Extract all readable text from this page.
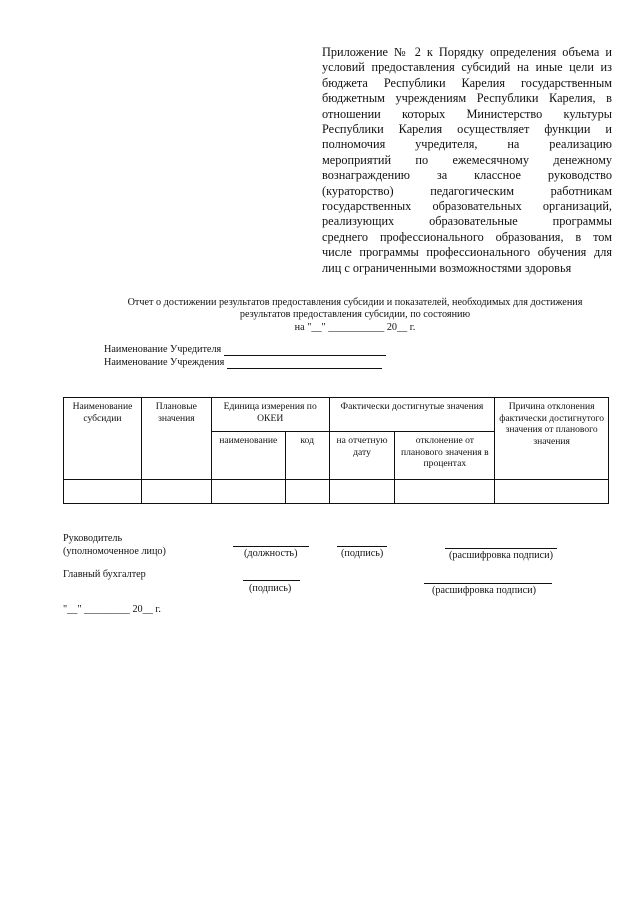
Приложение № 2 к Порядку определения объема и
условий предоставления субсидий на иные цели из
бюджета Республики Карелия государственным
бюджетным учреждениям Республики Карелия, в
отношении которых Министерство культуры
Республики Карелия осуществляет функции и
полномочия учредителя, на реализацию
мероприятий по ежемесячному денежному
вознаграждению за классное руководство
(кураторство) педагогическим работникам
государственных образовательных организаций,
реализующих образовательные программы
среднего профессионального образования, в том
числе программы профессионального обучения для
лиц с ограниченными возможностями здоровья
Отчет о достижении результатов предоставления субсидии и показателей, необходимых для достижения
результатов предоставления субсидии, по состоянию
на "__" ___________ 20__ г.
Наименование Учредителя
Наименование Учреждения
Наименование субсидии	Плановые значения	Единица измерения по ОКЕИ		Фактически достигнутые значения		Причина отклонения фактически достигнутого значения от планового значения
		наименование	код	на отчетную дату	отклонение от планового значения в процентах	

Руководитель
(уполномоченное лицо)	(должность)	(подпись)	(расшифровка подписи)
Главный бухгалтер
(подпись)	(расшифровка подписи)
"__" _________ 20__ г.
